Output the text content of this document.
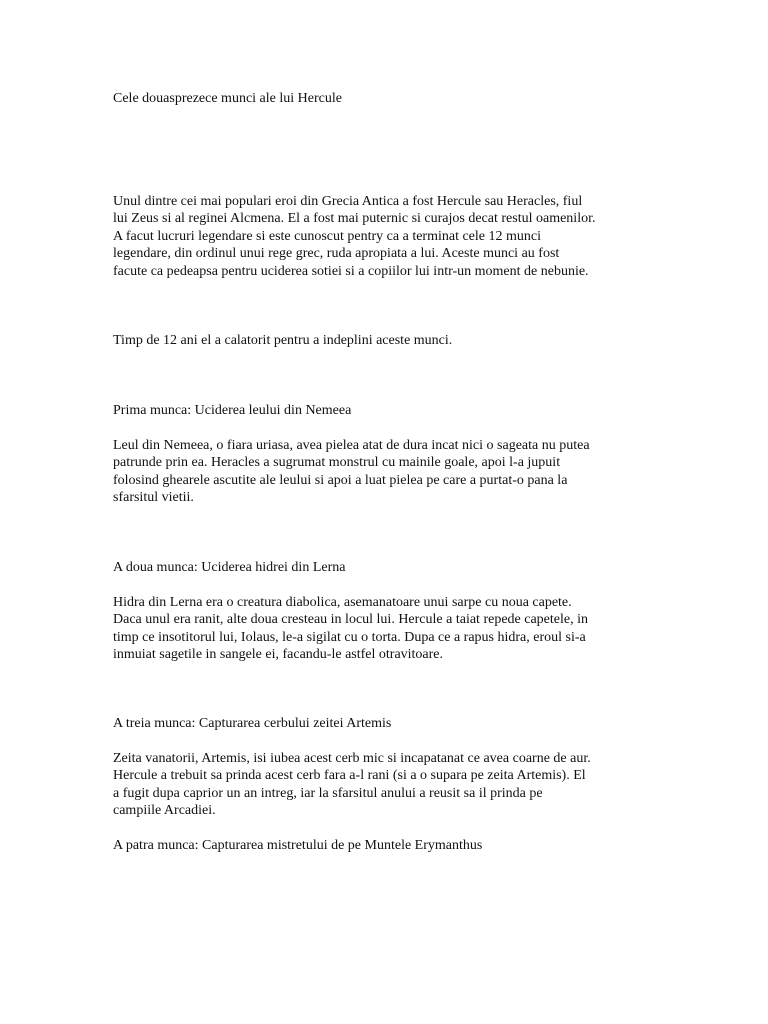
Cele douasprezece munci ale lui Hercule

Unul dintre cei mai populari eroi din Grecia Antica a fost Hercule sau Heracles, fiul
lui Zeus si al reginei Alcmena. El a fost mai puternic si curajos decat restul oamenilor.
A facut lucruri legendare si este cunoscut pentry ca a terminat cele 12 munci
legendare, din ordinul unui rege grec, ruda apropiata a lui. Aceste munci au fost
facute ca pedeapsa pentru uciderea sotiei si a copiilor lui intr-un moment de nebunie.

Timp de 12 ani el a calatorit pentru a indeplini aceste munci.

Prima munca: Uciderea leului din Nemeea

Leul din Nemeea, o fiara uriasa, avea pielea atat de dura incat nici o sageata nu putea
patrunde prin ea. Heracles a sugrumat monstrul cu mainile goale, apoi l-a jupuit
folosind ghearele ascutite ale leului si apoi a luat pielea pe care a purtat-o pana la
sfarsitul vietii.

A doua munca: Uciderea hidrei din Lerna

Hidra din Lerna era o creatura diabolica, asemanatoare unui sarpe cu noua capete.
Daca unul era ranit, alte doua cresteau in locul lui. Hercule a taiat repede capetele, in
timp ce insotitorul lui, Iolaus, le-a sigilat cu o torta. Dupa ce a rapus hidra, eroul si-a
inmuiat sagetile in sangele ei, facandu-le astfel otravitoare.

A treia munca: Capturarea cerbului zeitei Artemis

Zeita vanatorii, Artemis, isi iubea acest cerb mic si incapatanat ce avea coarne de aur.
Hercule a trebuit sa prinda acest cerb fara a-l rani (si a o supara pe zeita Artemis). El
a fugit dupa caprior un an intreg, iar la sfarsitul anului a reusit sa il prinda pe
campiile Arcadiei.

A patra munca: Capturarea mistretului de pe Muntele Erymanthus
